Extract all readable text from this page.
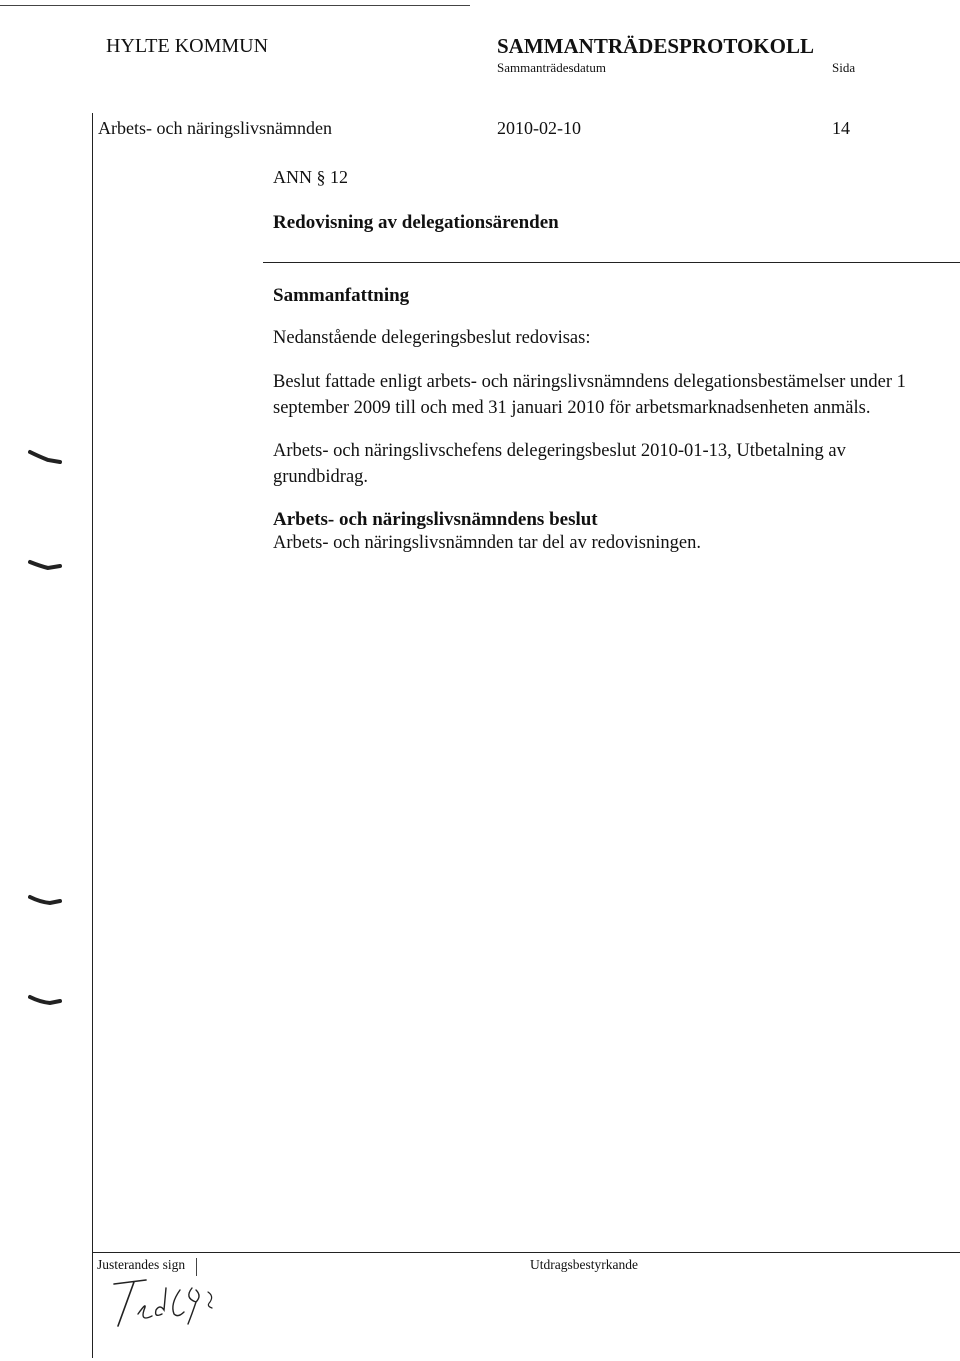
HYLTE KOMMUN	SAMMANTRÄDESPROTOKOLL
Sammanträdesdatum	Sida
Arbets- och näringslivsnämnden	2010-02-10	14
ANN § 12
Redovisning av delegationsärenden
Sammanfattning
Nedanstående delegeringsbeslut redovisas:
Beslut fattade enligt arbets- och näringslivsnämndens delegationsbestämelser under 1 september 2009 till och med 31 januari 2010 för arbetsmarknadsenheten anmäls.
Arbets- och näringslivschefens delegeringsbeslut 2010-01-13, Utbetalning av grundbidrag.
Arbets- och näringslivsnämndens beslut
Arbets- och näringslivsnämnden tar del av redovisningen.
Justerandes sign	Utdragsbestyrkande
